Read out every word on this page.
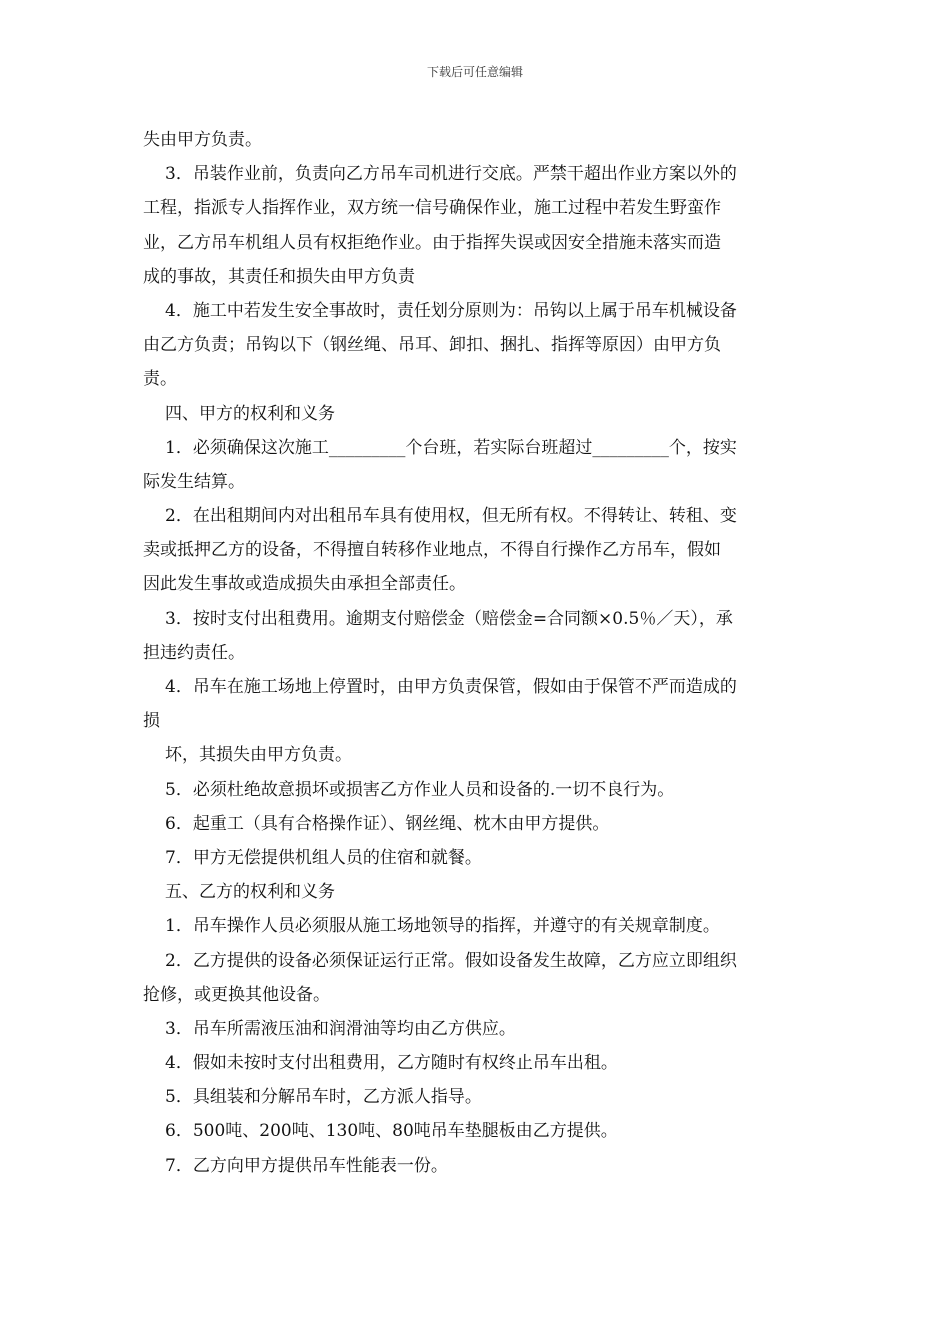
下载后可任意编辑
失由甲方负责。
3．吊装作业前，负责向乙方吊车司机进行交底。严禁干超出作业方案以外的
工程，指派专人指挥作业，双方统一信号确保作业，施工过程中若发生野蛮作
业，乙方吊车机组人员有权拒绝作业。由于指挥失误或因安全措施未落实而造
成的事故，其责任和损失由甲方负责
4．施工中若发生安全事故时，责任划分原则为：吊钩以上属于吊车机械设备
由乙方负责；吊钩以下（钢丝绳、吊耳、卸扣、捆扎、指挥等原因）由甲方负
责。
四、甲方的权利和义务
1．必须确保这次施工_________个台班，若实际台班超过_________个，按实
际发生结算。
2．在出租期间内对出租吊车具有使用权，但无所有权。不得转让、转租、变
卖或抵押乙方的设备，不得擅自转移作业地点，不得自行操作乙方吊车，假如
因此发生事故或造成损失由承担全部责任。
3．按时支付出租费用。逾期支付赔偿金（赔偿金=合同额×0.5％／天），承
担违约责任。
4．吊车在施工场地上停置时，由甲方负责保管，假如由于保管不严而造成的
损
坏，其损失由甲方负责。
5．必须杜绝故意损坏或损害乙方作业人员和设备的.一切不良行为。
6．起重工（具有合格操作证）、钢丝绳、枕木由甲方提供。
7．甲方无偿提供机组人员的住宿和就餐。
五、乙方的权利和义务
1．吊车操作人员必须服从施工场地领导的指挥，并遵守的有关规章制度。
2．乙方提供的设备必须保证运行正常。假如设备发生故障，乙方应立即组织
抢修，或更换其他设备。
3．吊车所需液压油和润滑油等均由乙方供应。
4．假如未按时支付出租费用，乙方随时有权终止吊车出租。
5．具组装和分解吊车时，乙方派人指导。
6．500吨、200吨、130吨、80吨吊车垫腿板由乙方提供。
7．乙方向甲方提供吊车性能表一份。
